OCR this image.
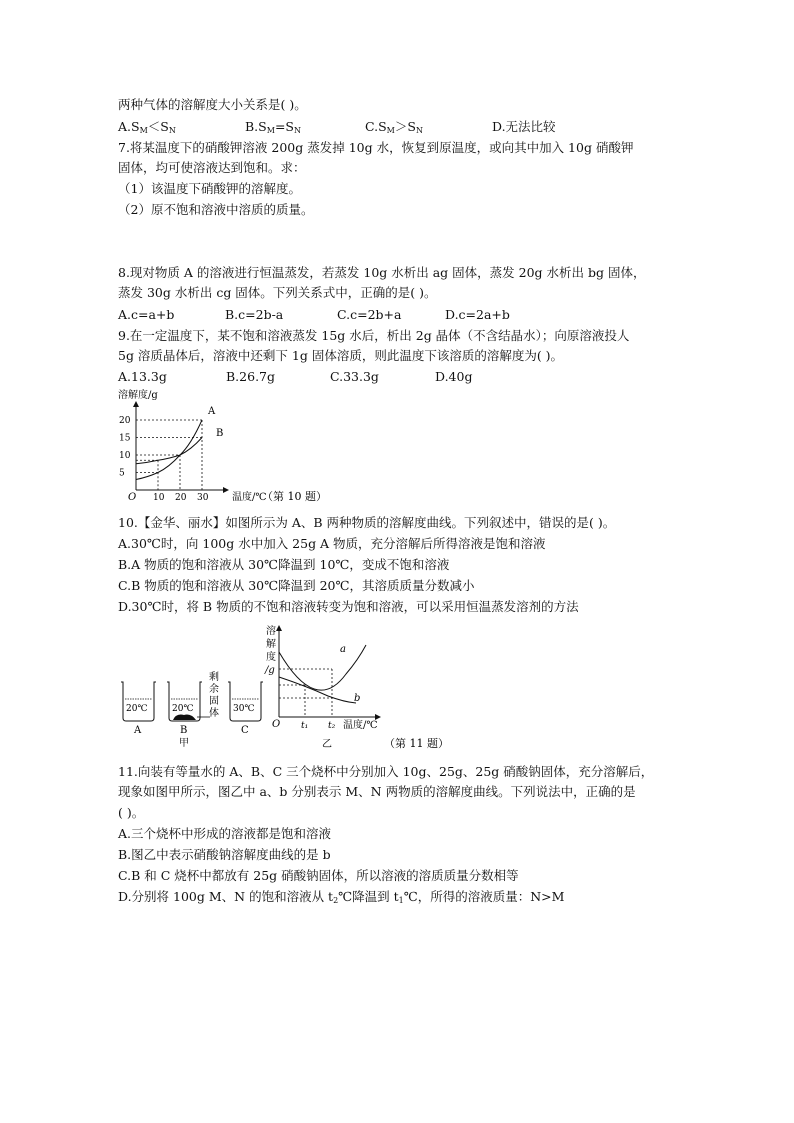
两种气体的溶解度大小关系是( )。
$A.S_M<S_N$	$B.S_M=S_N$	$C.S_M>S_N$	D.无法比较
7.将某温度下的硝酸钾溶液 200g 蒸发掉 10g 水，恢复到原温度，或向其中加入 10g 硝酸钾
固体，均可使溶液达到饱和。求：
（1）该温度下硝酸钾的溶解度。
（2）原不饱和溶液中溶质的质量。
8.现对物质 A 的溶液进行恒温蒸发，若蒸发 10g 水析出 ag 固体，蒸发 20g 水析出 bg 固体，
蒸发 30g 水析出 cg 固体。下列关系式中，正确的是( )。
A.c=a+b	B.c=2b-a	C.c=2b+a	D.c=2a+b
9.在一定温度下，某不饱和溶液蒸发 15g 水后，析出 2g 晶体（不含结晶水）；向原溶液投人
5g 溶质晶体后，溶液中还剩下 1g 固体溶质，则此温度下该溶质的溶解度为( )。
A.13.3g	B.26.7g	C.33.3g	D.40g
溶解度/g
O
20
15
10
5
10 20 30
A
B
温度/℃
（第 10 题）
10.【金华、丽水】如图所示为 A、B 两种物质的溶解度曲线。下列叙述中，错误的是( )。
A.30℃时，向 100g 水中加入 25g A 物质，充分溶解后所得溶液是饱和溶液
B.A 物质的饱和溶液从 30℃降温到 10℃，变成不饱和溶液
C.B 物质的饱和溶液从 30℃降温到 20℃，其溶质质量分数减小
D.30℃时，将 B 物质的不饱和溶液转变为饱和溶液，可以采用恒温蒸发溶剂的方法
20℃
A
20℃
B
甲
剩
余
固
体 30℃
C
溶
解
度
/g
O
a
b
t₁ t₂ 温度/℃
乙	（第 11 题）
11.向装有等量水的 A、B、C 三个烧杯中分别加入 10g、25g、25g 硝酸钠固体，充分溶解后，
现象如图甲所示，图乙中 a、b 分别表示 M、N 两物质的溶解度曲线。下列说法中，正确的是
( )。
A.三个烧杯中形成的溶液都是饱和溶液
B.图乙中表示硝酸钠溶解度曲线的是 b
C.B 和 C 烧杯中都放有 25g 硝酸钠固体，所以溶液的溶质质量分数相等
D.分别将 100g M、N 的饱和溶液从 $t_2℃$降温到 $t_1℃$，所得的溶液质量：N>M
